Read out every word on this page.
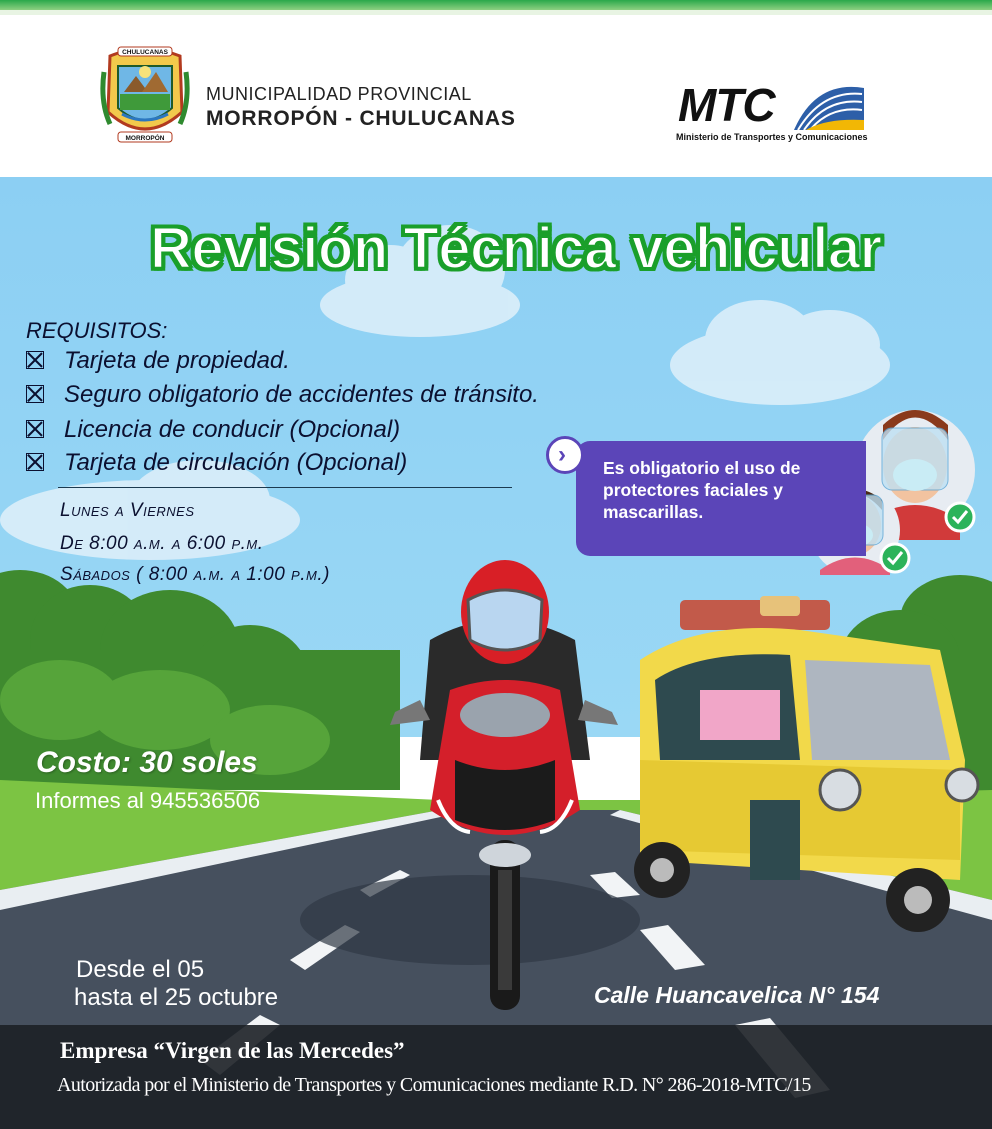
CHULUCANAS
MORROPÓN
MUNICIPALIDAD PROVINCIAL
MORROPÓN - CHULUCANAS	MTC
Ministerio de Transportes y Comunicaciones
Revisión Técnica vehicular
REQUISITOS:
Tarjeta de propiedad.
Seguro obligatorio de accidentes de tránsito.
Licencia de conducir (Opcional)
Tarjeta de circulación (Opcional)
Lunes a Viernes
De 8:00 a.m. a 6:00 p.m.
Sábados ( 8:00 a.m. a 1:00 p.m.)
› Es obligatorio el uso de protectores faciales y mascarillas.
Costo: 30 soles
Informes al 945536506
Desde el 05
hasta el 25 octubre	Calle Huancavelica N° 154
Empresa “Virgen de las Mercedes”
Autorizada por el Ministerio de Transportes y Comunicaciones mediante R.D. N° 286-2018-MTC/15
